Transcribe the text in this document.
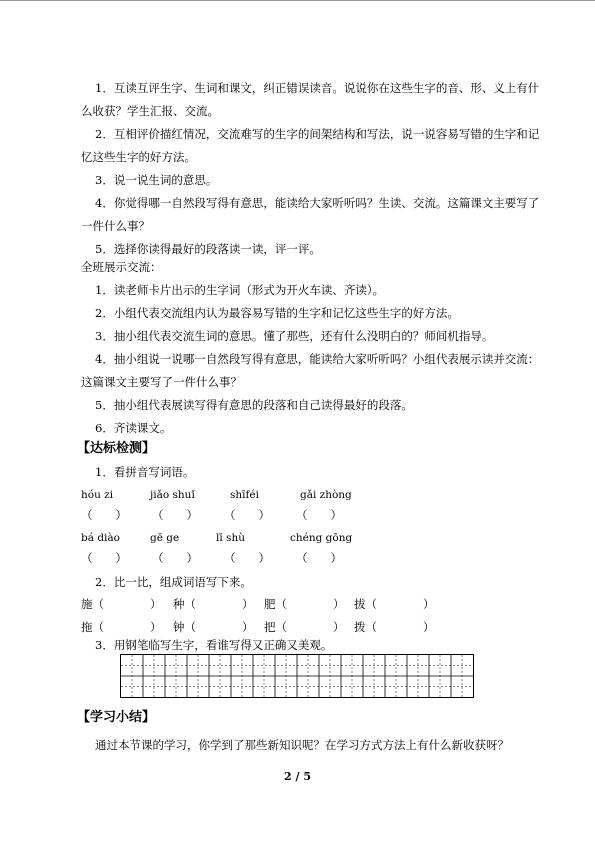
1．互读互评生字、生词和课文，纠正错误读音。说说你在这些生字的音、形、义上有什

么收获？学生汇报、交流。

2．互相评价描红情况，交流难写的生字的间架结构和写法，说一说容易写错的生字和记

忆这些生字的好方法。

3．说一说生词的意思。

4．你觉得哪一自然段写得有意思，能读给大家听听吗？生读、交流。这篇课文主要写了

一件什么事？

5．选择你读得最好的段落读一读，评一评。

全班展示交流：

1．读老师卡片出示的生字词（形式为开火车读、齐读）。

2．小组代表交流组内认为最容易写错的生字和记忆这些生字的好方法。

3．抽小组代表交流生词的意思。懂了那些，还有什么没明白的？师间机指导。

4．抽小组说一说哪一自然段写得有意思，能读给大家听听吗？小组代表展示读并交流：

这篇课文主要写了一件什么事？

5．抽小组代表展读写得有意思的段落和自己读得最好的段落。

6．齐读课文。

【达标检测】

1．看拼音写词语。

hóu zi	jiǎo shuǐ	shīféi	gǎi zhòng
（　　） （　　） （　　） （　　）
bá diào	gē ge	lī shù	chéng gōng
（　　） （　　） （　　） （　　）

2．比一比，组成词语写下来。

施（　　　　） 种（　　　　） 肥（　　　　） 拔（　　　　）
拖（　　　　） 钟（　　　　） 把（　　　　） 拨（　　　　）

3．用钢笔临写生字，看谁写得又正确又美观。

【学习小结】

通过本节课的学习，你学到了那些新知识呢？在学习方式方法上有什么新收获呀？

2 / 5
